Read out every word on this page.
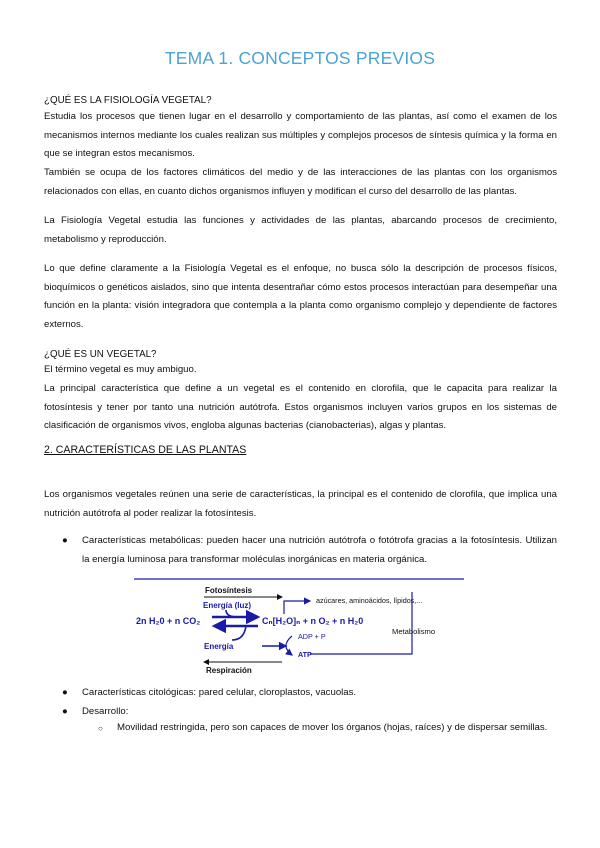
TEMA 1. CONCEPTOS PREVIOS
¿QUÉ ES LA FISIOLOGÍA VEGETAL?
Estudia los procesos que tienen lugar en el desarrollo y comportamiento de las plantas, así como el examen de los mecanismos internos mediante los cuales realizan sus múltiples y complejos procesos de síntesis química y la forma en que se integran estos mecanismos.
También se ocupa de los factores climáticos del medio y de las interacciones de las plantas con los organismos relacionados con ellas, en cuanto dichos organismos influyen y modifican el curso del desarrollo de las plantas.
La Fisiología Vegetal estudia las funciones y actividades de las plantas, abarcando procesos de crecimiento, metabolismo y reproducción.
Lo que define claramente a la Fisiología Vegetal es el enfoque, no busca sólo la descripción de procesos físicos, bioquímicos o genéticos aislados, sino que intenta desentrañar cómo estos procesos interactúan para desempeñar una función en la planta: visión integradora que contempla a la planta como organismo complejo y dependiente de factores externos.
¿QUÉ ES UN VEGETAL?
El término vegetal es muy ambiguo.
La principal característica que define a un vegetal es el contenido en clorofila, que le capacita para realizar la fotosíntesis y tener por tanto una nutrición autótrofa. Estos organismos incluyen varios grupos en los sistemas de clasificación de organismos vivos, engloba algunas bacterias (cianobacterias), algas y plantas.
2. CARACTERÍSTICAS DE LAS PLANTAS
Los organismos vegetales reúnen una serie de características, la principal es el contenido de clorofila, que implica una nutrición autótrofa al poder realizar la fotosíntesis.
● Características metabólicas: pueden hacer una nutrición autótrofa o fotótrofa gracias a la fotosíntesis. Utilizan la energía luminosa para transformar moléculas inorgánicas en materia orgánica.
Fotosíntesis
Energía (luz)
2n H₂0 + n CO₂	Cₙ[H₂O]ₙ + n O₂ + n H₂0
azúcares, aminoácidos, lípidos,...
Energía
ADP + P
ATP
Metabolismo
Respiración
● Características citológicas: pared celular, cloroplastos, vacuolas.
● Desarrollo:
○ Movilidad restringida, pero son capaces de mover los órganos (hojas, raíces) y de dispersar semillas.
